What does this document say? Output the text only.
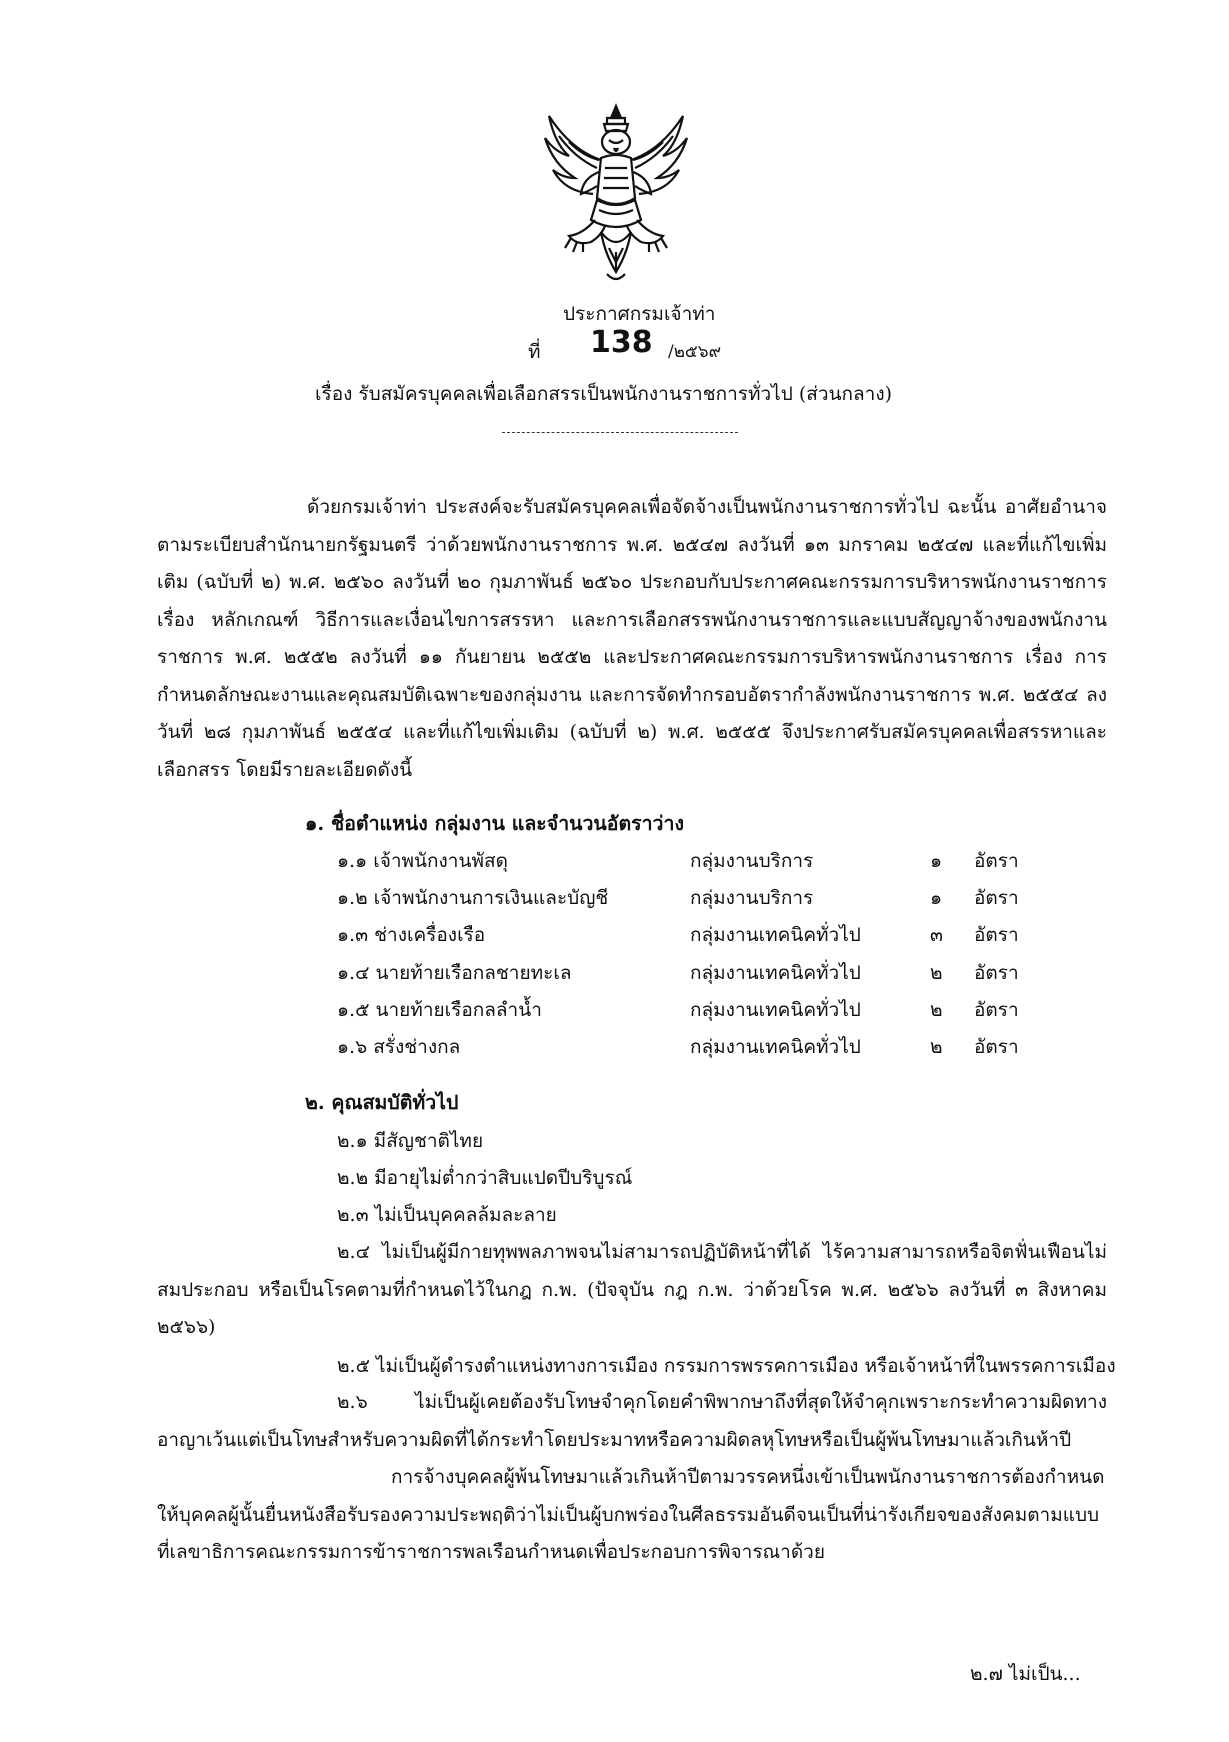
ประกาศกรมเจ้าท่า
ที่ 138 /๒๕๖๙
เรื่อง รับสมัครบุคคลเพื่อเลือกสรรเป็นพนักงานราชการทั่วไป (ส่วนกลาง)
ด้วยกรมเจ้าท่า ประสงค์จะรับสมัครบุคคลเพื่อจัดจ้างเป็นพนักงานราชการทั่วไป ฉะนั้น อาศัยอำนาจตามระเบียบสำนักนายกรัฐมนตรี ว่าด้วยพนักงานราชการ พ.ศ. ๒๕๔๗ ลงวันที่ ๑๓ มกราคม ๒๕๔๗ และที่แก้ไขเพิ่มเติม (ฉบับที่ ๒) พ.ศ. ๒๕๖๐ ลงวันที่ ๒๐ กุมภาพันธ์ ๒๕๖๐ ประกอบกับประกาศคณะกรรมการบริหารพนักงานราชการ เรื่อง หลักเกณฑ์ วิธีการและเงื่อนไขการสรรหา และการเลือกสรรพนักงานราชการและแบบสัญญาจ้างของพนักงานราชการ พ.ศ. ๒๕๕๒ ลงวันที่ ๑๑ กันยายน ๒๕๕๒ และประกาศคณะกรรมการบริหารพนักงานราชการ เรื่อง การกำหนดลักษณะงานและคุณสมบัติเฉพาะของกลุ่มงาน และการจัดทำกรอบอัตรากำลังพนักงานราชการ พ.ศ. ๒๕๕๔ ลงวันที่ ๒๘ กุมภาพันธ์ ๒๕๕๔ และที่แก้ไขเพิ่มเติม (ฉบับที่ ๒) พ.ศ. ๒๕๕๕ จึงประกาศรับสมัครบุคคลเพื่อสรรหาและเลือกสรร โดยมีรายละเอียดดังนี้
๑. ชื่อตำแหน่ง กลุ่มงาน และจำนวนอัตราว่าง
๑.๑ เจ้าพนักงานพัสดุ	กลุ่มงานบริการ	๑ อัตรา
๑.๒ เจ้าพนักงานการเงินและบัญชี	กลุ่มงานบริการ	๑ อัตรา
๑.๓ ช่างเครื่องเรือ	กลุ่มงานเทคนิคทั่วไป	๓ อัตรา
๑.๔ นายท้ายเรือกลชายทะเล	กลุ่มงานเทคนิคทั่วไป	๒ อัตรา
๑.๕ นายท้ายเรือกลลำน้ำ	กลุ่มงานเทคนิคทั่วไป	๒ อัตรา
๑.๖ สรั่งช่างกล	กลุ่มงานเทคนิคทั่วไป	๒ อัตรา
๒. คุณสมบัติทั่วไป
๒.๑ มีสัญชาติไทย
๒.๒ มีอายุไม่ต่ำกว่าสิบแปดปีบริบูรณ์
๒.๓ ไม่เป็นบุคคลล้มละลาย
๒.๔ ไม่เป็นผู้มีกายทุพพลภาพจนไม่สามารถปฏิบัติหน้าที่ได้ ไร้ความสามารถหรือจิตฟั่นเฟือนไม่สมประกอบ หรือเป็นโรคตามที่กำหนดไว้ในกฎ ก.พ. (ปัจจุบัน กฎ ก.พ. ว่าด้วยโรค พ.ศ. ๒๕๖๖ ลงวันที่ ๓ สิงหาคม ๒๕๖๖)
๒.๕ ไม่เป็นผู้ดำรงตำแหน่งทางการเมือง กรรมการพรรคการเมือง หรือเจ้าหน้าที่ในพรรคการเมือง
๒.๖ ไม่เป็นผู้เคยต้องรับโทษจำคุกโดยคำพิพากษาถึงที่สุดให้จำคุกเพราะกระทำความผิดทางอาญาเว้นแต่เป็นโทษสำหรับความผิดที่ได้กระทำโดยประมาทหรือความผิดลหุโทษหรือเป็นผู้พ้นโทษมาแล้วเกินห้าปี
การจ้างบุคคลผู้พ้นโทษมาแล้วเกินห้าปีตามวรรคหนึ่งเข้าเป็นพนักงานราชการต้องกำหนดให้บุคคลผู้นั้นยื่นหนังสือรับรองความประพฤติว่าไม่เป็นผู้บกพร่องในศีลธรรมอันดีจนเป็นที่น่ารังเกียจของสังคมตามแบบที่เลขาธิการคณะกรรมการข้าราชการพลเรือนกำหนดเพื่อประกอบการพิจารณาด้วย
๒.๗ ไม่เป็น...
